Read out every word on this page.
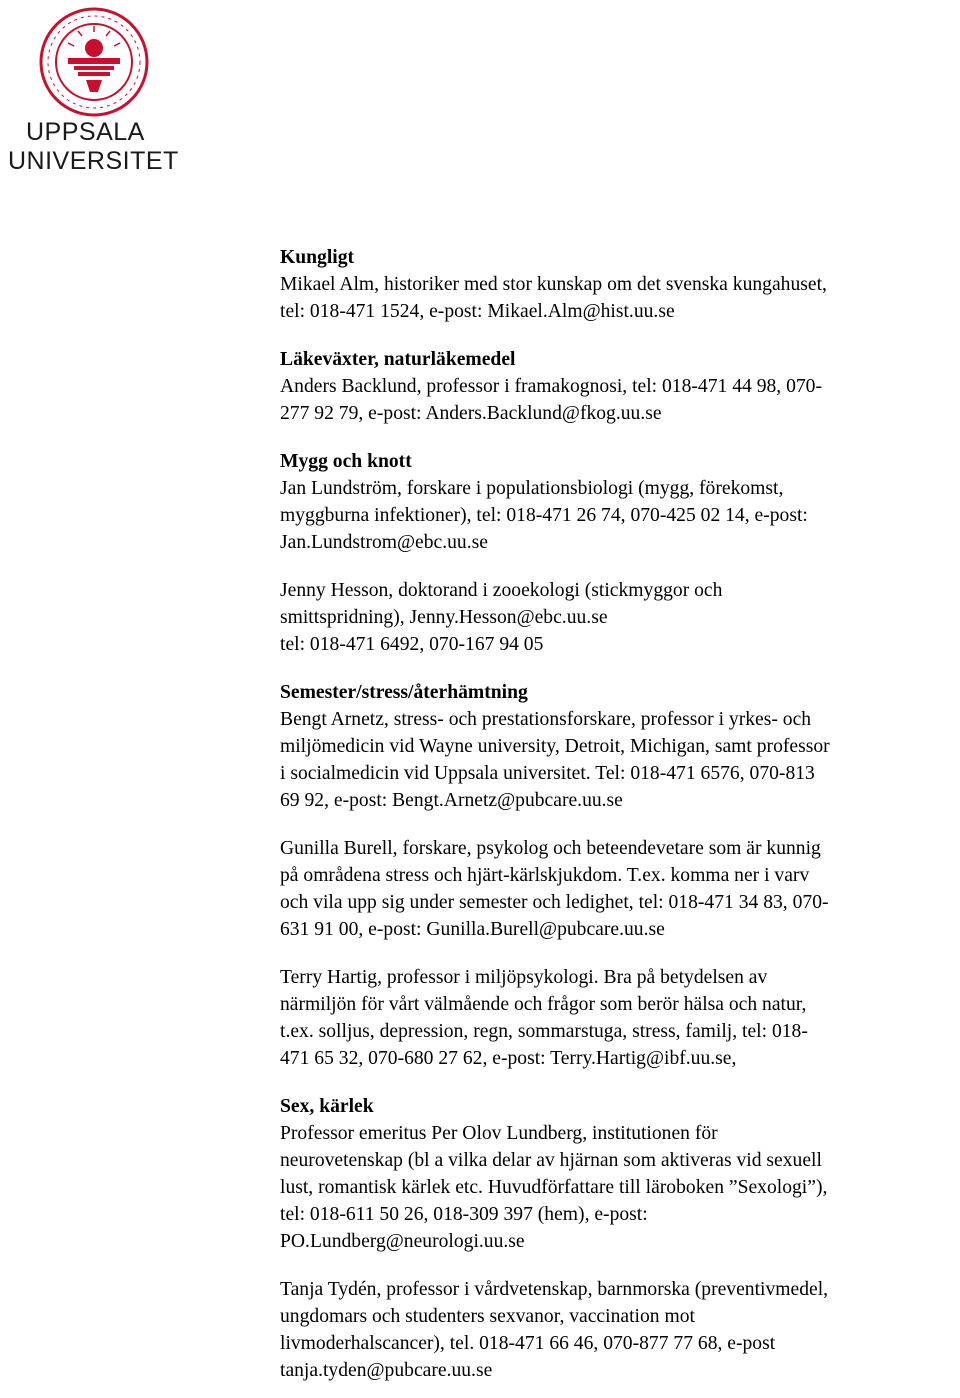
UPPSALA
UNIVERSITET
Kungligt
Mikael Alm, historiker med stor kunskap om det svenska kungahuset,
tel: 018-471 1524, e-post: Mikael.Alm@hist.uu.se
Läkeväxter, naturläkemedel
Anders Backlund, professor i framakognosi, tel: 018-471 44 98, 070-
277 92 79, e-post: Anders.Backlund@fkog.uu.se
Mygg och knott
Jan Lundström, forskare i populationsbiologi (mygg, förekomst,
myggburna infektioner), tel: 018-471 26 74, 070-425 02 14, e-post:
Jan.Lundstrom@ebc.uu.se
Jenny Hesson, doktorand i zooekologi (stickmyggor och
smittspridning), Jenny.Hesson@ebc.uu.se
tel: 018-471 6492, 070-167 94 05
Semester/stress/återhämtning
Bengt Arnetz, stress- och prestationsforskare, professor i yrkes- och
miljömedicin vid Wayne university, Detroit, Michigan, samt professor
i socialmedicin vid Uppsala universitet. Tel: 018-471 6576, 070-813
69 92, e-post: Bengt.Arnetz@pubcare.uu.se
Gunilla Burell, forskare, psykolog och beteendevetare som är kunnig
på områdena stress och hjärt-kärlskjukdom. T.ex. komma ner i varv
och vila upp sig under semester och ledighet, tel: 018-471 34 83, 070-
631 91 00, e-post: Gunilla.Burell@pubcare.uu.se
Terry Hartig, professor i miljöpsykologi. Bra på betydelsen av
närmiljön för vårt välmående och frågor som berör hälsa och natur,
t.ex. solljus, depression, regn, sommarstuga, stress, familj, tel: 018-
471 65 32, 070-680 27 62, e-post: Terry.Hartig@ibf.uu.se,
Sex, kärlek
Professor emeritus Per Olov Lundberg, institutionen för
neurovetenskap (bl a vilka delar av hjärnan som aktiveras vid sexuell
lust, romantisk kärlek etc. Huvudförfattare till läroboken ”Sexologi”),
tel: 018-611 50 26, 018-309 397 (hem), e-post:
PO.Lundberg@neurologi.uu.se
Tanja Tydén, professor i vårdvetenskap, barnmorska (preventivmedel,
ungdomars och studenters sexvanor, vaccination mot
livmoderhalscancer), tel. 018-471 66 46, 070-877 77 68, e-post
tanja.tyden@pubcare.uu.se
